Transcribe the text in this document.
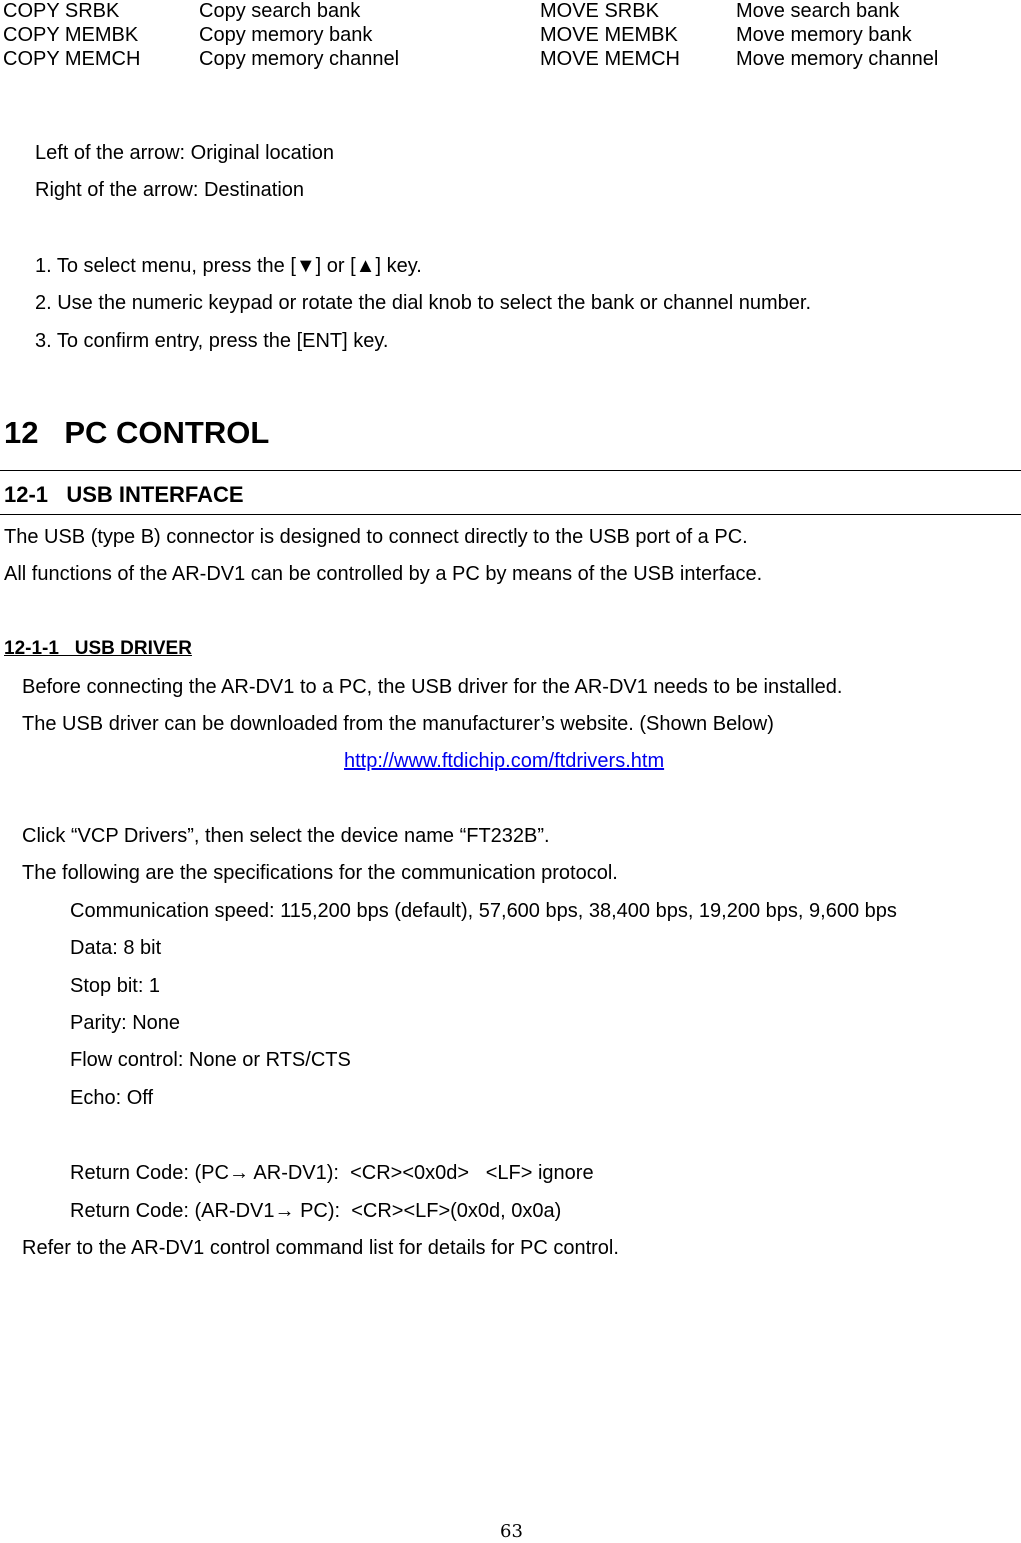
COPY SRBK	Copy search bank	MOVE SRBK	Move search bank
COPY MEMBK	Copy memory bank	MOVE MEMBK	Move memory bank
COPY MEMCH	Copy memory channel	MOVE MEMCH	Move memory channel
Left of the arrow: Original location
Right of the arrow: Destination
1. To select menu, press the [▼] or [▲] key.
2. Use the numeric keypad or rotate the dial knob to select the bank or channel number.
3. To confirm entry, press the [ENT] key.
12   PC CONTROL
12-1   USB INTERFACE
The USB (type B) connector is designed to connect directly to the USB port of a PC.
All functions of the AR-DV1 can be controlled by a PC by means of the USB interface.
12-1-1   USB DRIVER
Before connecting the AR-DV1 to a PC, the USB driver for the AR-DV1 needs to be installed.
The USB driver can be downloaded from the manufacturer’s website. (Shown Below)
http://www.ftdichip.com/ftdrivers.htm
Click “VCP Drivers”, then select the device name “FT232B”.
The following are the specifications for the communication protocol.
Communication speed: 115,200 bps (default), 57,600 bps, 38,400 bps, 19,200 bps, 9,600 bps
Data: 8 bit
Stop bit: 1
Parity: None
Flow control: None or RTS/CTS
Echo: Off
Return Code: (PC→ AR-DV1):  <CR><0x0d>   <LF> ignore
Return Code: (AR-DV1→ PC):  <CR><LF>(0x0d, 0x0a)
Refer to the AR-DV1 control command list for details for PC control.
63
